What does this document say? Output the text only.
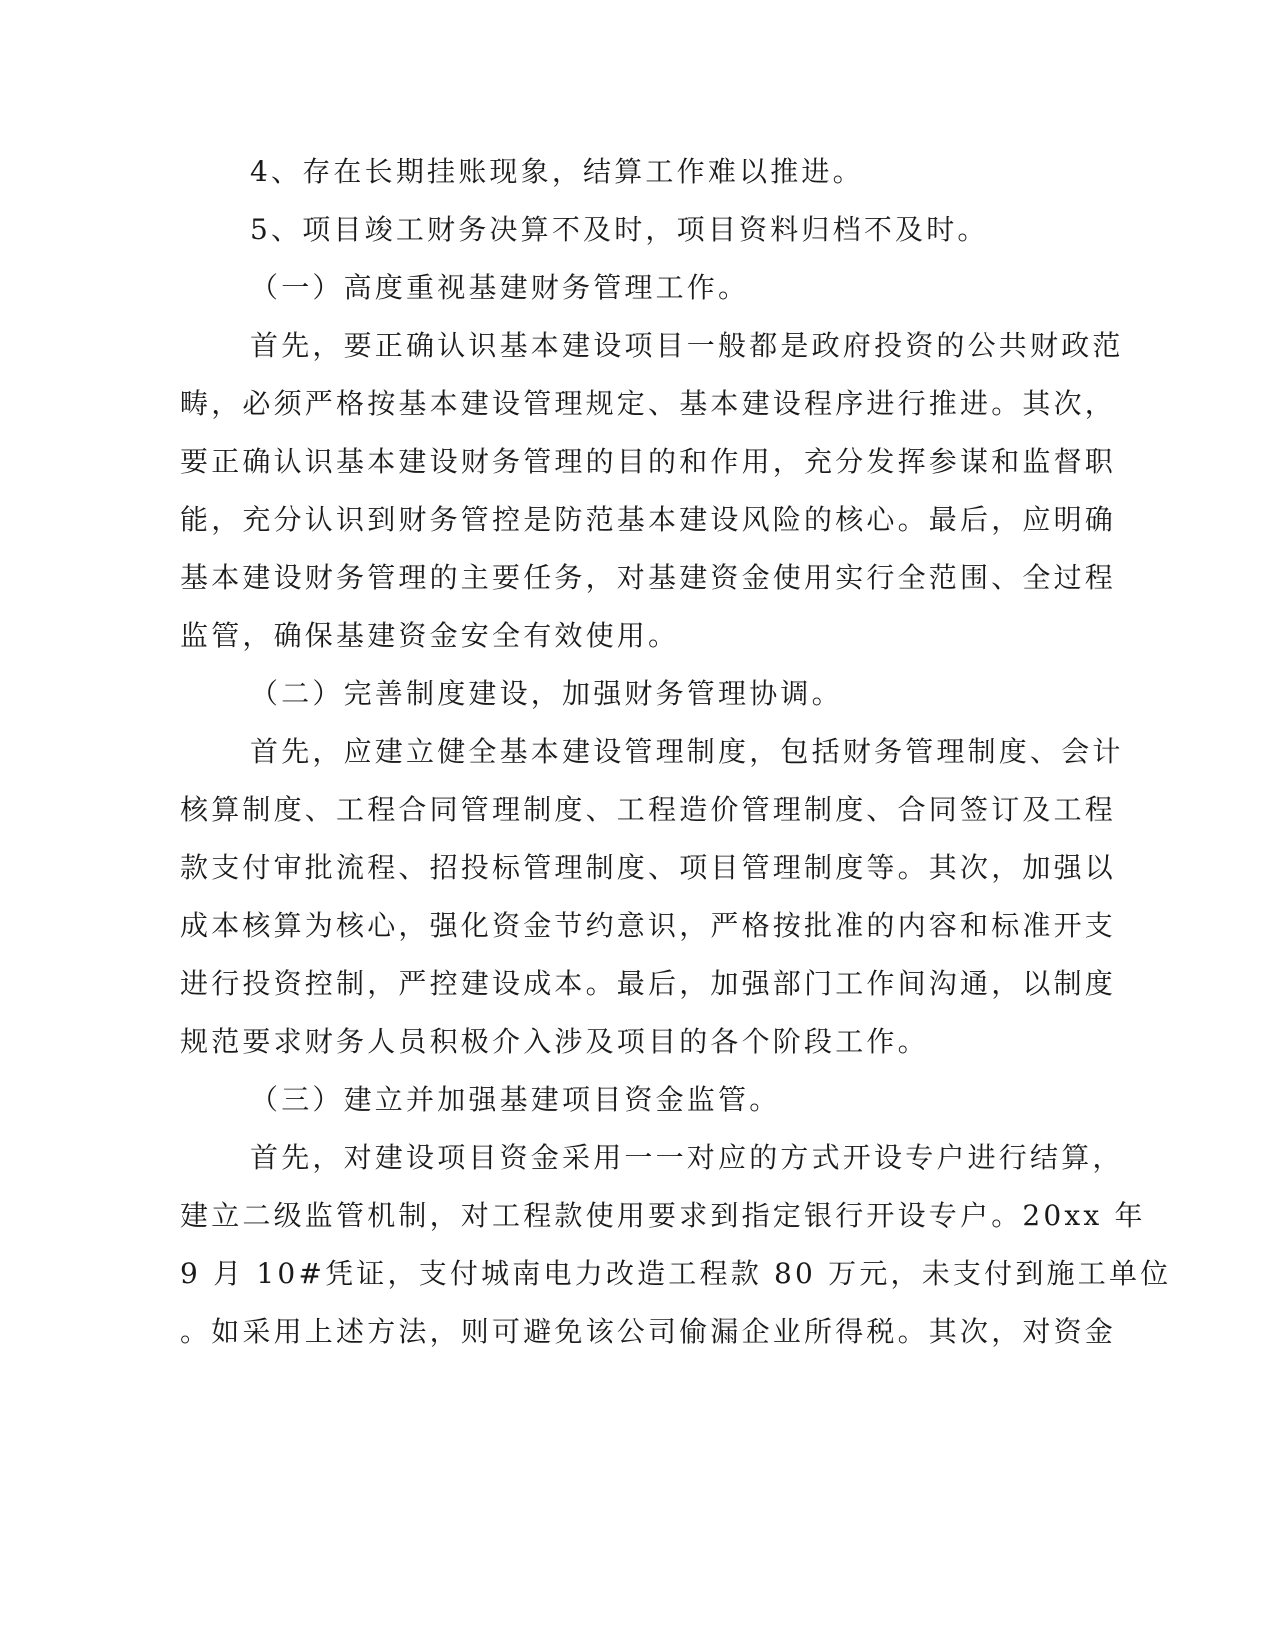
4、存在长期挂账现象，结算工作难以推进。
5、项目竣工财务决算不及时，项目资料归档不及时。
（一）高度重视基建财务管理工作。
首先，要正确认识基本建设项目一般都是政府投资的公共财政范
畴，必须严格按基本建设管理规定、基本建设程序进行推进。其次，
要正确认识基本建设财务管理的目的和作用，充分发挥参谋和监督职
能，充分认识到财务管控是防范基本建设风险的核心。最后，应明确
基本建设财务管理的主要任务，对基建资金使用实行全范围、全过程
监管，确保基建资金安全有效使用。
（二）完善制度建设，加强财务管理协调。
首先，应建立健全基本建设管理制度，包括财务管理制度、会计
核算制度、工程合同管理制度、工程造价管理制度、合同签订及工程
款支付审批流程、招投标管理制度、项目管理制度等。其次，加强以
成本核算为核心，强化资金节约意识，严格按批准的内容和标准开支
进行投资控制，严控建设成本。最后，加强部门工作间沟通，以制度
规范要求财务人员积极介入涉及项目的各个阶段工作。
（三）建立并加强基建项目资金监管。
首先，对建设项目资金采用一一对应的方式开设专户进行结算，
建立二级监管机制，对工程款使用要求到指定银行开设专户。20xx 年
9 月 10#凭证，支付城南电力改造工程款 80 万元，未支付到施工单位
。如采用上述方法，则可避免该公司偷漏企业所得税。其次，对资金
